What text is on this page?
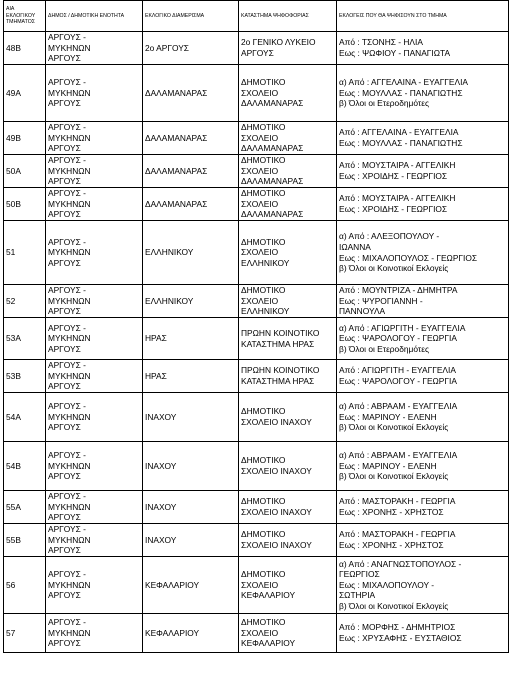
ΑΙΑ ΕΚΛΟΓΙΚΟΥ ΤΜΗΜΑΤΟΣ	ΔΗΜΟΣ / ΔΗΜΟΤΙΚΗ ΕΝΟΤΗΤΑ	ΕΚΛΟΓΙΚΟ ΔΙΑΜΕΡΙΣΜΑ	ΚΑΤΑΣΤΗΜΑ ΨΗΦΟΦΟΡΙΑΣ	ΕΚΛΟΓΕΙΣ ΠΟΥ ΘΑ ΨΗΦΙΣΟΥΝ ΣΤΟ ΤΜΗΜΑ
48Β	ΑΡΓΟΥΣ -
ΜΥΚΗΝΩΝ
ΑΡΓΟΥΣ	2ο ΑΡΓΟΥΣ	2ο ΓΕΝΙΚΟ ΛΥΚΕΙΟ
ΑΡΓΟΥΣ	Από : ΤΣΟΝΗΣ - ΗΛΙΑ
Εως : ΨΩΦΙΟΥ - ΠΑΝΑΓΙΩΤΑ
49Α	ΑΡΓΟΥΣ -
ΜΥΚΗΝΩΝ
ΑΡΓΟΥΣ	ΔΑΛΑΜΑΝΑΡΑΣ	ΔΗΜΟΤΙΚΟ
ΣΧΟΛΕΙΟ
ΔΑΛΑΜΑΝΑΡΑΣ	α) Από : ΑΓΓΕΛΑΙΝΑ - ΕΥΑΓΓΕΛΙΑ
Εως : ΜΟΥΛΛΑΣ - ΠΑΝΑΓΙΩΤΗΣ
β) Όλοι οι Ετεροδημότες
49Β	ΑΡΓΟΥΣ -
ΜΥΚΗΝΩΝ
ΑΡΓΟΥΣ	ΔΑΛΑΜΑΝΑΡΑΣ	ΔΗΜΟΤΙΚΟ
ΣΧΟΛΕΙΟ
ΔΑΛΑΜΑΝΑΡΑΣ	Από : ΑΓΓΕΛΑΙΝΑ - ΕΥΑΓΓΕΛΙΑ
Εως : ΜΟΥΛΛΑΣ - ΠΑΝΑΓΙΩΤΗΣ
50Α	ΑΡΓΟΥΣ -
ΜΥΚΗΝΩΝ
ΑΡΓΟΥΣ	ΔΑΛΑΜΑΝΑΡΑΣ	ΔΗΜΟΤΙΚΟ
ΣΧΟΛΕΙΟ
ΔΑΛΑΜΑΝΑΡΑΣ	Από : ΜΟΥΣΤΑΙΡΑ - ΑΓΓΕΛΙΚΗ
Εως : ΧΡΟΙΔΗΣ - ΓΕΩΡΓΙΟΣ
50Β	ΑΡΓΟΥΣ -
ΜΥΚΗΝΩΝ
ΑΡΓΟΥΣ	ΔΑΛΑΜΑΝΑΡΑΣ	ΔΗΜΟΤΙΚΟ
ΣΧΟΛΕΙΟ
ΔΑΛΑΜΑΝΑΡΑΣ	Από : ΜΟΥΣΤΑΙΡΑ - ΑΓΓΕΛΙΚΗ
Εως : ΧΡΟΙΔΗΣ - ΓΕΩΡΓΙΟΣ
51	ΑΡΓΟΥΣ -
ΜΥΚΗΝΩΝ
ΑΡΓΟΥΣ	ΕΛΛΗΝΙΚΟΥ	ΔΗΜΟΤΙΚΟ
ΣΧΟΛΕΙΟ
ΕΛΛΗΝΙΚΟΥ	α) Από : ΑΛΕΞΟΠΟΥΛΟΥ -
ΙΩΑΝΝΑ
Εως : ΜΙΧΑΛΟΠΟΥΛΟΣ - ΓΕΩΡΓΙΟΣ
β) Όλοι οι Κοινοτικοί Εκλογείς
52	ΑΡΓΟΥΣ -
ΜΥΚΗΝΩΝ
ΑΡΓΟΥΣ	ΕΛΛΗΝΙΚΟΥ	ΔΗΜΟΤΙΚΟ
ΣΧΟΛΕΙΟ
ΕΛΛΗΝΙΚΟΥ	Από : ΜΟΥΝΤΡΙΖΑ - ΔΗΜΗΤΡΑ
Εως : ΨΥΡΟΓΙΑΝΝΗ -
ΠΑΝΝΟΥΛΑ
53Α	ΑΡΓΟΥΣ -
ΜΥΚΗΝΩΝ
ΑΡΓΟΥΣ	ΗΡΑΣ	ΠΡΩΗΝ ΚΟΙΝΟΤΙΚΟ
ΚΑΤΑΣΤΗΜΑ ΗΡΑΣ	α) Από : ΑΓΙΩΡΓΙΤΗ - ΕΥΑΓΓΕΛΙΑ
Εως : ΨΑΡΟΛΟΓΟΥ - ΓΕΩΡΓΙΑ
β) Όλοι οι Ετεροδημότες
53Β	ΑΡΓΟΥΣ -
ΜΥΚΗΝΩΝ
ΑΡΓΟΥΣ	ΗΡΑΣ	ΠΡΩΗΝ ΚΟΙΝΟΤΙΚΟ
ΚΑΤΑΣΤΗΜΑ ΗΡΑΣ	Από : ΑΓΙΩΡΓΙΤΗ - ΕΥΑΓΓΕΛΙΑ
Εως : ΨΑΡΟΛΟΓΟΥ - ΓΕΩΡΓΙΑ
54Α	ΑΡΓΟΥΣ -
ΜΥΚΗΝΩΝ
ΑΡΓΟΥΣ	ΙΝΑΧΟΥ	ΔΗΜΟΤΙΚΟ
ΣΧΟΛΕΙΟ ΙΝΑΧΟΥ	α) Από : ΑΒΡΑΑΜ - ΕΥΑΓΓΕΛΙΑ
Εως : ΜΑΡΙΝΟΥ - ΕΛΕΝΗ
β) Όλοι οι Κοινοτικοί Εκλογείς
54Β	ΑΡΓΟΥΣ -
ΜΥΚΗΝΩΝ
ΑΡΓΟΥΣ	ΙΝΑΧΟΥ	ΔΗΜΟΤΙΚΟ
ΣΧΟΛΕΙΟ ΙΝΑΧΟΥ	α) Από : ΑΒΡΑΑΜ - ΕΥΑΓΓΕΛΙΑ
Εως : ΜΑΡΙΝΟΥ - ΕΛΕΝΗ
β) Όλοι οι Κοινοτικοί Εκλογείς
55Α	ΑΡΓΟΥΣ -
ΜΥΚΗΝΩΝ
ΑΡΓΟΥΣ	ΙΝΑΧΟΥ	ΔΗΜΟΤΙΚΟ
ΣΧΟΛΕΙΟ ΙΝΑΧΟΥ	Από : ΜΑΣΤΟΡΑΚΗ - ΓΕΩΡΓΙΑ
Εως : ΧΡΟΝΗΣ - ΧΡΗΣΤΟΣ
55Β	ΑΡΓΟΥΣ -
ΜΥΚΗΝΩΝ
ΑΡΓΟΥΣ	ΙΝΑΧΟΥ	ΔΗΜΟΤΙΚΟ
ΣΧΟΛΕΙΟ ΙΝΑΧΟΥ	Από : ΜΑΣΤΟΡΑΚΗ - ΓΕΩΡΓΙΑ
Εως : ΧΡΟΝΗΣ - ΧΡΗΣΤΟΣ
56	ΑΡΓΟΥΣ -
ΜΥΚΗΝΩΝ
ΑΡΓΟΥΣ	ΚΕΦΑΛΑΡΙΟΥ	ΔΗΜΟΤΙΚΟ
ΣΧΟΛΕΙΟ
ΚΕΦΑΛΑΡΙΟΥ	α) Από : ΑΝΑΓΝΩΣΤΟΠΟΥΛΟΣ -
ΓΕΩΡΓΙΟΣ
Εως : ΜΙΧΑΛΟΠΟΥΛΟΥ -
ΣΩΤΗΡΙΑ
β) Όλοι οι Κοινοτικοί Εκλογείς
57	ΑΡΓΟΥΣ -
ΜΥΚΗΝΩΝ
ΑΡΓΟΥΣ	ΚΕΦΑΛΑΡΙΟΥ	ΔΗΜΟΤΙΚΟ
ΣΧΟΛΕΙΟ
ΚΕΦΑΛΑΡΙΟΥ	Από : ΜΟΡΦΗΣ - ΔΗΜΗΤΡΙΟΣ
Εως : ΧΡΥΣΑΦΗΣ - ΕΥΣΤΑΘΙΟΣ
